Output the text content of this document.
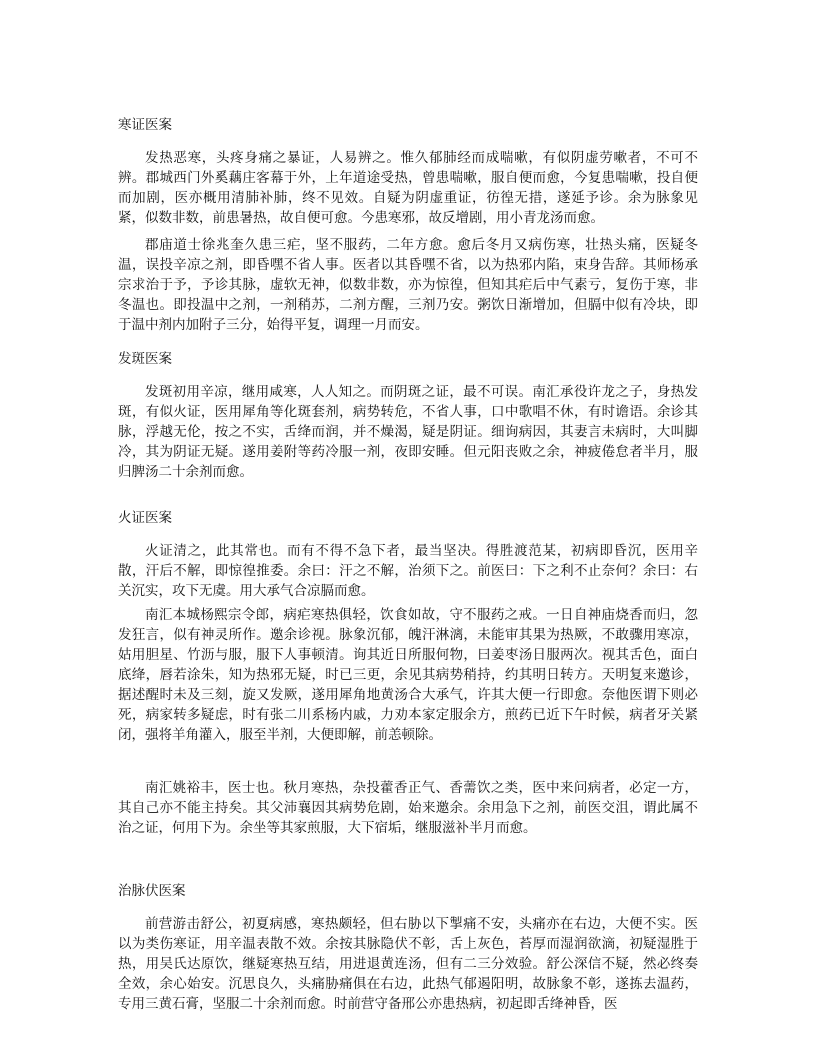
寒证医案

发热恶寒，头疼身痛之暴证，人易辨之。惟久郁肺经而成喘嗽，有似阴虚劳嗽者，不可不辨。郡城西门外奚藕庄客幕于外，上年道途受热，曾患喘嗽，服自便而愈，今复患喘嗽，投自便而加剧，医亦概用清肺补肺，终不见效。自疑为阴虚重证，彷徨无措，遂延予诊。余为脉象见紧，似数非数，前患暑热，故自便可愈。今患寒邪，故反增剧，用小青龙汤而愈。

郡庙道士徐兆奎久患三疟，坚不服药，二年方愈。愈后冬月又病伤寒，壮热头痛，医疑冬温，误投辛凉之剂，即昏嘿不省人事。医者以其昏嘿不省，以为热邪内陷，束身告辞。其师杨承宗求治于予，予诊其脉，虚软无神，似数非数，亦为惊徨，但知其疟后中气素亏，复伤于寒，非冬温也。即投温中之剂，一剂稍苏，二剂方醒，三剂乃安。粥饮日渐增加，但膈中似有冷块，即于温中剂内加附子三分，始得平复，调理一月而安。

发斑医案

发斑初用辛凉，继用咸寒，人人知之。而阴斑之证，最不可误。南汇承役许龙之子，身热发斑，有似火证，医用犀角等化斑套剂，病势转危，不省人事，口中歌唱不休，有时谵语。余诊其脉，浮越无伦，按之不实，舌绛而润，并不燥渴，疑是阴证。细询病因，其妻言未病时，大叫脚冷，其为阴证无疑。遂用姜附等药冷服一剂，夜即安睡。但元阳丧败之余，神疲倦怠者半月，服归脾汤二十余剂而愈。

火证医案

火证清之，此其常也。而有不得不急下者，最当坚决。得胜渡范某，初病即昏沉，医用辛散，汗后不解，即惊徨推委。余曰：汗之不解，治须下之。前医曰：下之利不止奈何？余曰：右关沉实，攻下无虞。用大承气合凉膈而愈。

南汇本城杨熙宗令郎，病疟寒热俱轻，饮食如故，守不服药之戒。一日自神庙烧香而归，忽发狂言，似有神灵所作。邀余诊视。脉象沉郁，魄汗淋漓，未能审其果为热厥，不敢骤用寒凉，姑用胆星、竹沥与服，服下人事顿清。询其近日所服何物，曰姜枣汤日服两次。视其舌色，面白底绛，唇若涂朱，知为热邪无疑，时已三更，余见其病势稍持，约其明日转方。天明复来邀诊，据述醒时未及三刻，旋又发厥，遂用犀角地黄汤合大承气，许其大便一行即愈。奈他医谓下则必死，病家转多疑虑，时有张二川系杨内戚，力劝本家定服余方，煎药已近下午时候，病者牙关紧闭，强将羊角灌入，服至半剂，大便即解，前恙顿除。

南汇姚裕丰，医士也。秋月寒热，杂投藿香正气、香薷饮之类，医中来问病者，必定一方，其自己亦不能主持矣。其父沛襄因其病势危剧，始来邀余。余用急下之剂，前医交沮，谓此属不治之证，何用下为。余坐等其家煎服，大下宿垢，继服滋补半月而愈。

治脉伏医案

前营游击舒公，初夏病感，寒热颇轻，但右胁以下掣痛不安，头痛亦在右边，大便不实。医以为类伤寒证，用辛温表散不效。余按其脉隐伏不彰，舌上灰色，苔厚而湿润欲滴，初疑湿胜于热，用吴氏达原饮，继疑寒热互结，用进退黄连汤，但有二三分效验。舒公深信不疑，然必终奏全效，余心始安。沉思良久，头痛胁痛俱在右边，此热气郁遏阳明，故脉象不彰，遂拣去温药，专用三黄石膏，坚服二十余剂而愈。时前营守备邢公亦患热病，初起即舌绛神昏，医
